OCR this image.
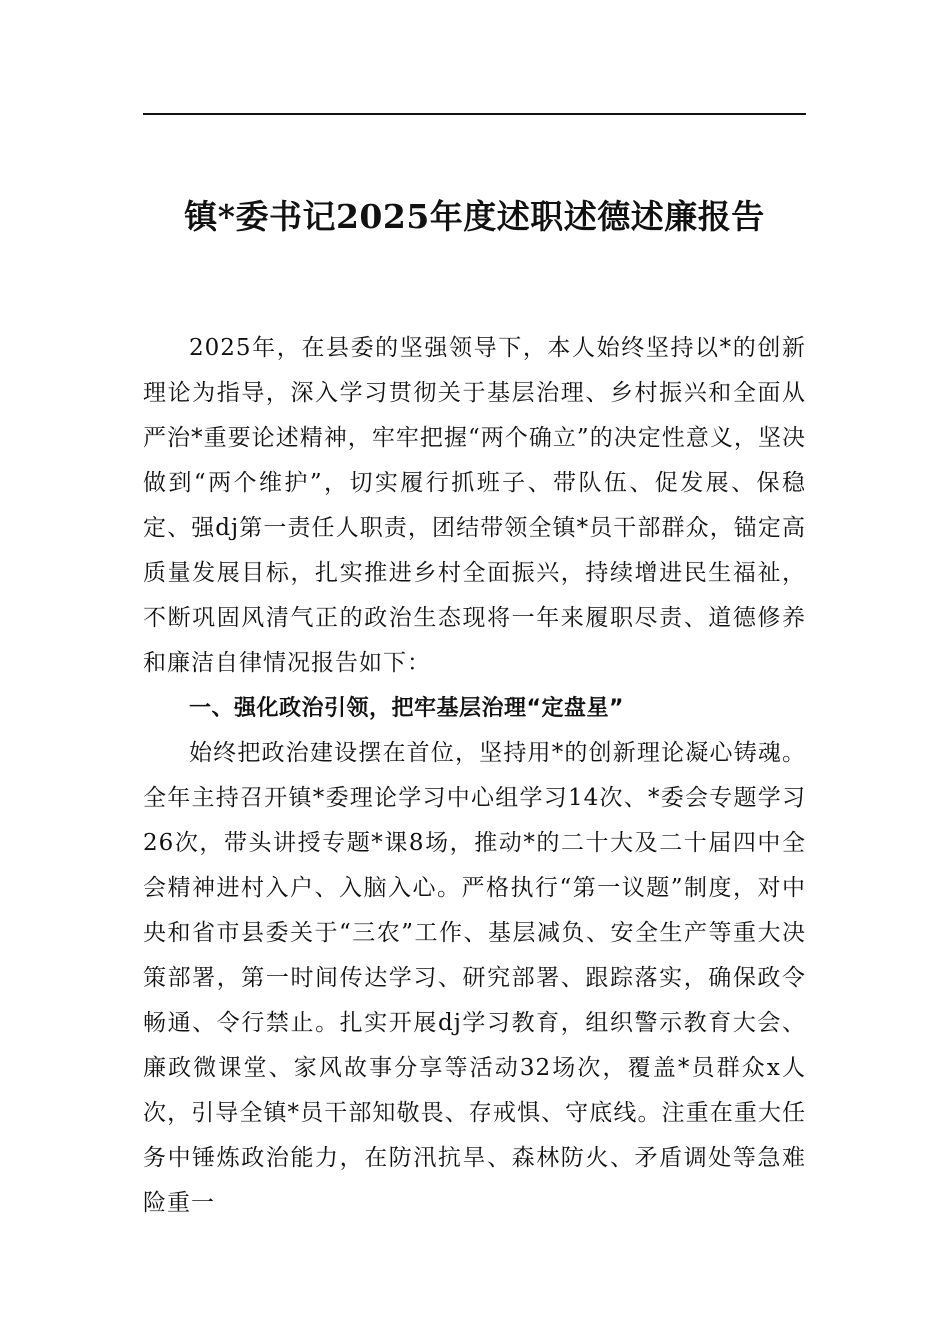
镇*委书记2025年度述职述德述廉报告

2025年，在县委的坚强领导下，本人始终坚持以*的创新理论为指导，深入学习贯彻关于基层治理、乡村振兴和全面从严治*重要论述精神，牢牢把握“两个确立”的决定性意义，坚决做到“两个维护”，切实履行抓班子、带队伍、促发展、保稳定、强dj第一责任人职责，团结带领全镇*员干部群众，锚定高质量发展目标，扎实推进乡村全面振兴，持续增进民生福祉，不断巩固风清气正的政治生态现将一年来履职尽责、道德修养和廉洁自律情况报告如下：

一、强化政治引领，把牢基层治理“定盘星”

始终把政治建设摆在首位，坚持用*的创新理论凝心铸魂。全年主持召开镇*委理论学习中心组学习14次、*委会专题学习26次，带头讲授专题*课8场，推动*的二十大及二十届四中全会精神进村入户、入脑入心。严格执行“第一议题”制度，对中央和省市县委关于“三农”工作、基层减负、安全生产等重大决策部署，第一时间传达学习、研究部署、跟踪落实，确保政令畅通、令行禁止。扎实开展dj学习教育，组织警示教育大会、廉政微课堂、家风故事分享等活动32场次，覆盖*员群众x人次，引导全镇*员干部知敬畏、存戒惧、守底线。注重在重大任务中锤炼政治能力，在防汛抗旱、森林防火、矛盾调处等急难险重一
